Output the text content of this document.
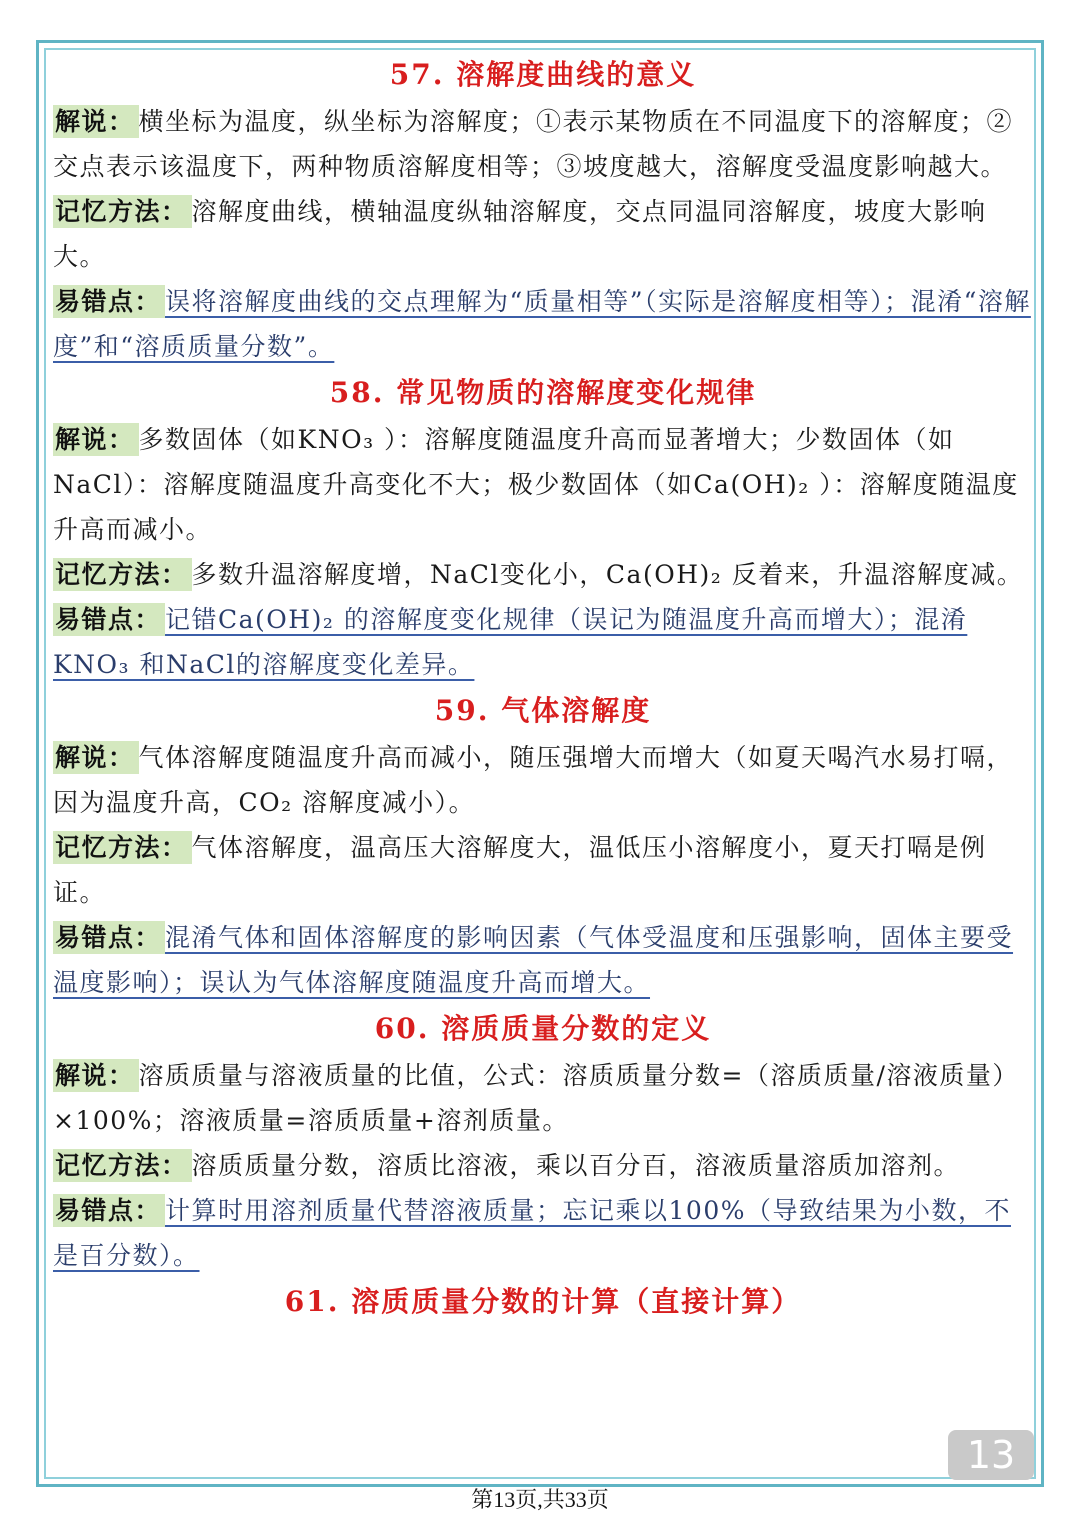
57. 溶解度曲线的意义
解说： 横坐标为温度，纵坐标为溶解度；①表示某物质在不同温度下的溶解度；②交点表示该温度下，两种物质溶解度相等；③坡度越大，溶解度受温度影响越大。
记忆方法： 溶解度曲线，横轴温度纵轴溶解度，交点同温同溶解度，坡度大影响大。
易错点： 误将溶解度曲线的交点理解为“质量相等”（实际是溶解度相等）；混淆“溶解度”和“溶质质量分数”。
58. 常见物质的溶解度变化规律
解说： 多数固体（如KNO₃ ）：溶解度随温度升高而显著增大；少数固体（如NaCl）：溶解度随温度升高变化不大；极少数固体（如Ca(OH)₂ ）：溶解度随温度升高而减小。
记忆方法： 多数升温溶解度增，NaCl变化小，Ca(OH)₂ 反着来，升温溶解度减。
易错点： 记错Ca(OH)₂ 的溶解度变化规律（误记为随温度升高而增大）；混淆KNO₃ 和NaCl的溶解度变化差异。
59. 气体溶解度
解说： 气体溶解度随温度升高而减小，随压强增大而增大（如夏天喝汽水易打嗝，因为温度升高，CO₂ 溶解度减小）。
记忆方法： 气体溶解度，温高压大溶解度大，温低压小溶解度小，夏天打嗝是例证。
易错点： 混淆气体和固体溶解度的影响因素（气体受温度和压强影响，固体主要受温度影响）；误认为气体溶解度随温度升高而增大。
60. 溶质质量分数的定义
解说： 溶质质量与溶液质量的比值，公式：溶质质量分数=（溶质质量/溶液质量）×100%；溶液质量=溶质质量+溶剂质量。
记忆方法： 溶质质量分数，溶质比溶液，乘以百分百，溶液质量溶质加溶剂。
易错点： 计算时用溶剂质量代替溶液质量；忘记乘以100%（导致结果为小数，不是百分数）。
61. 溶质质量分数的计算（直接计算）
13
第13页,共33页
